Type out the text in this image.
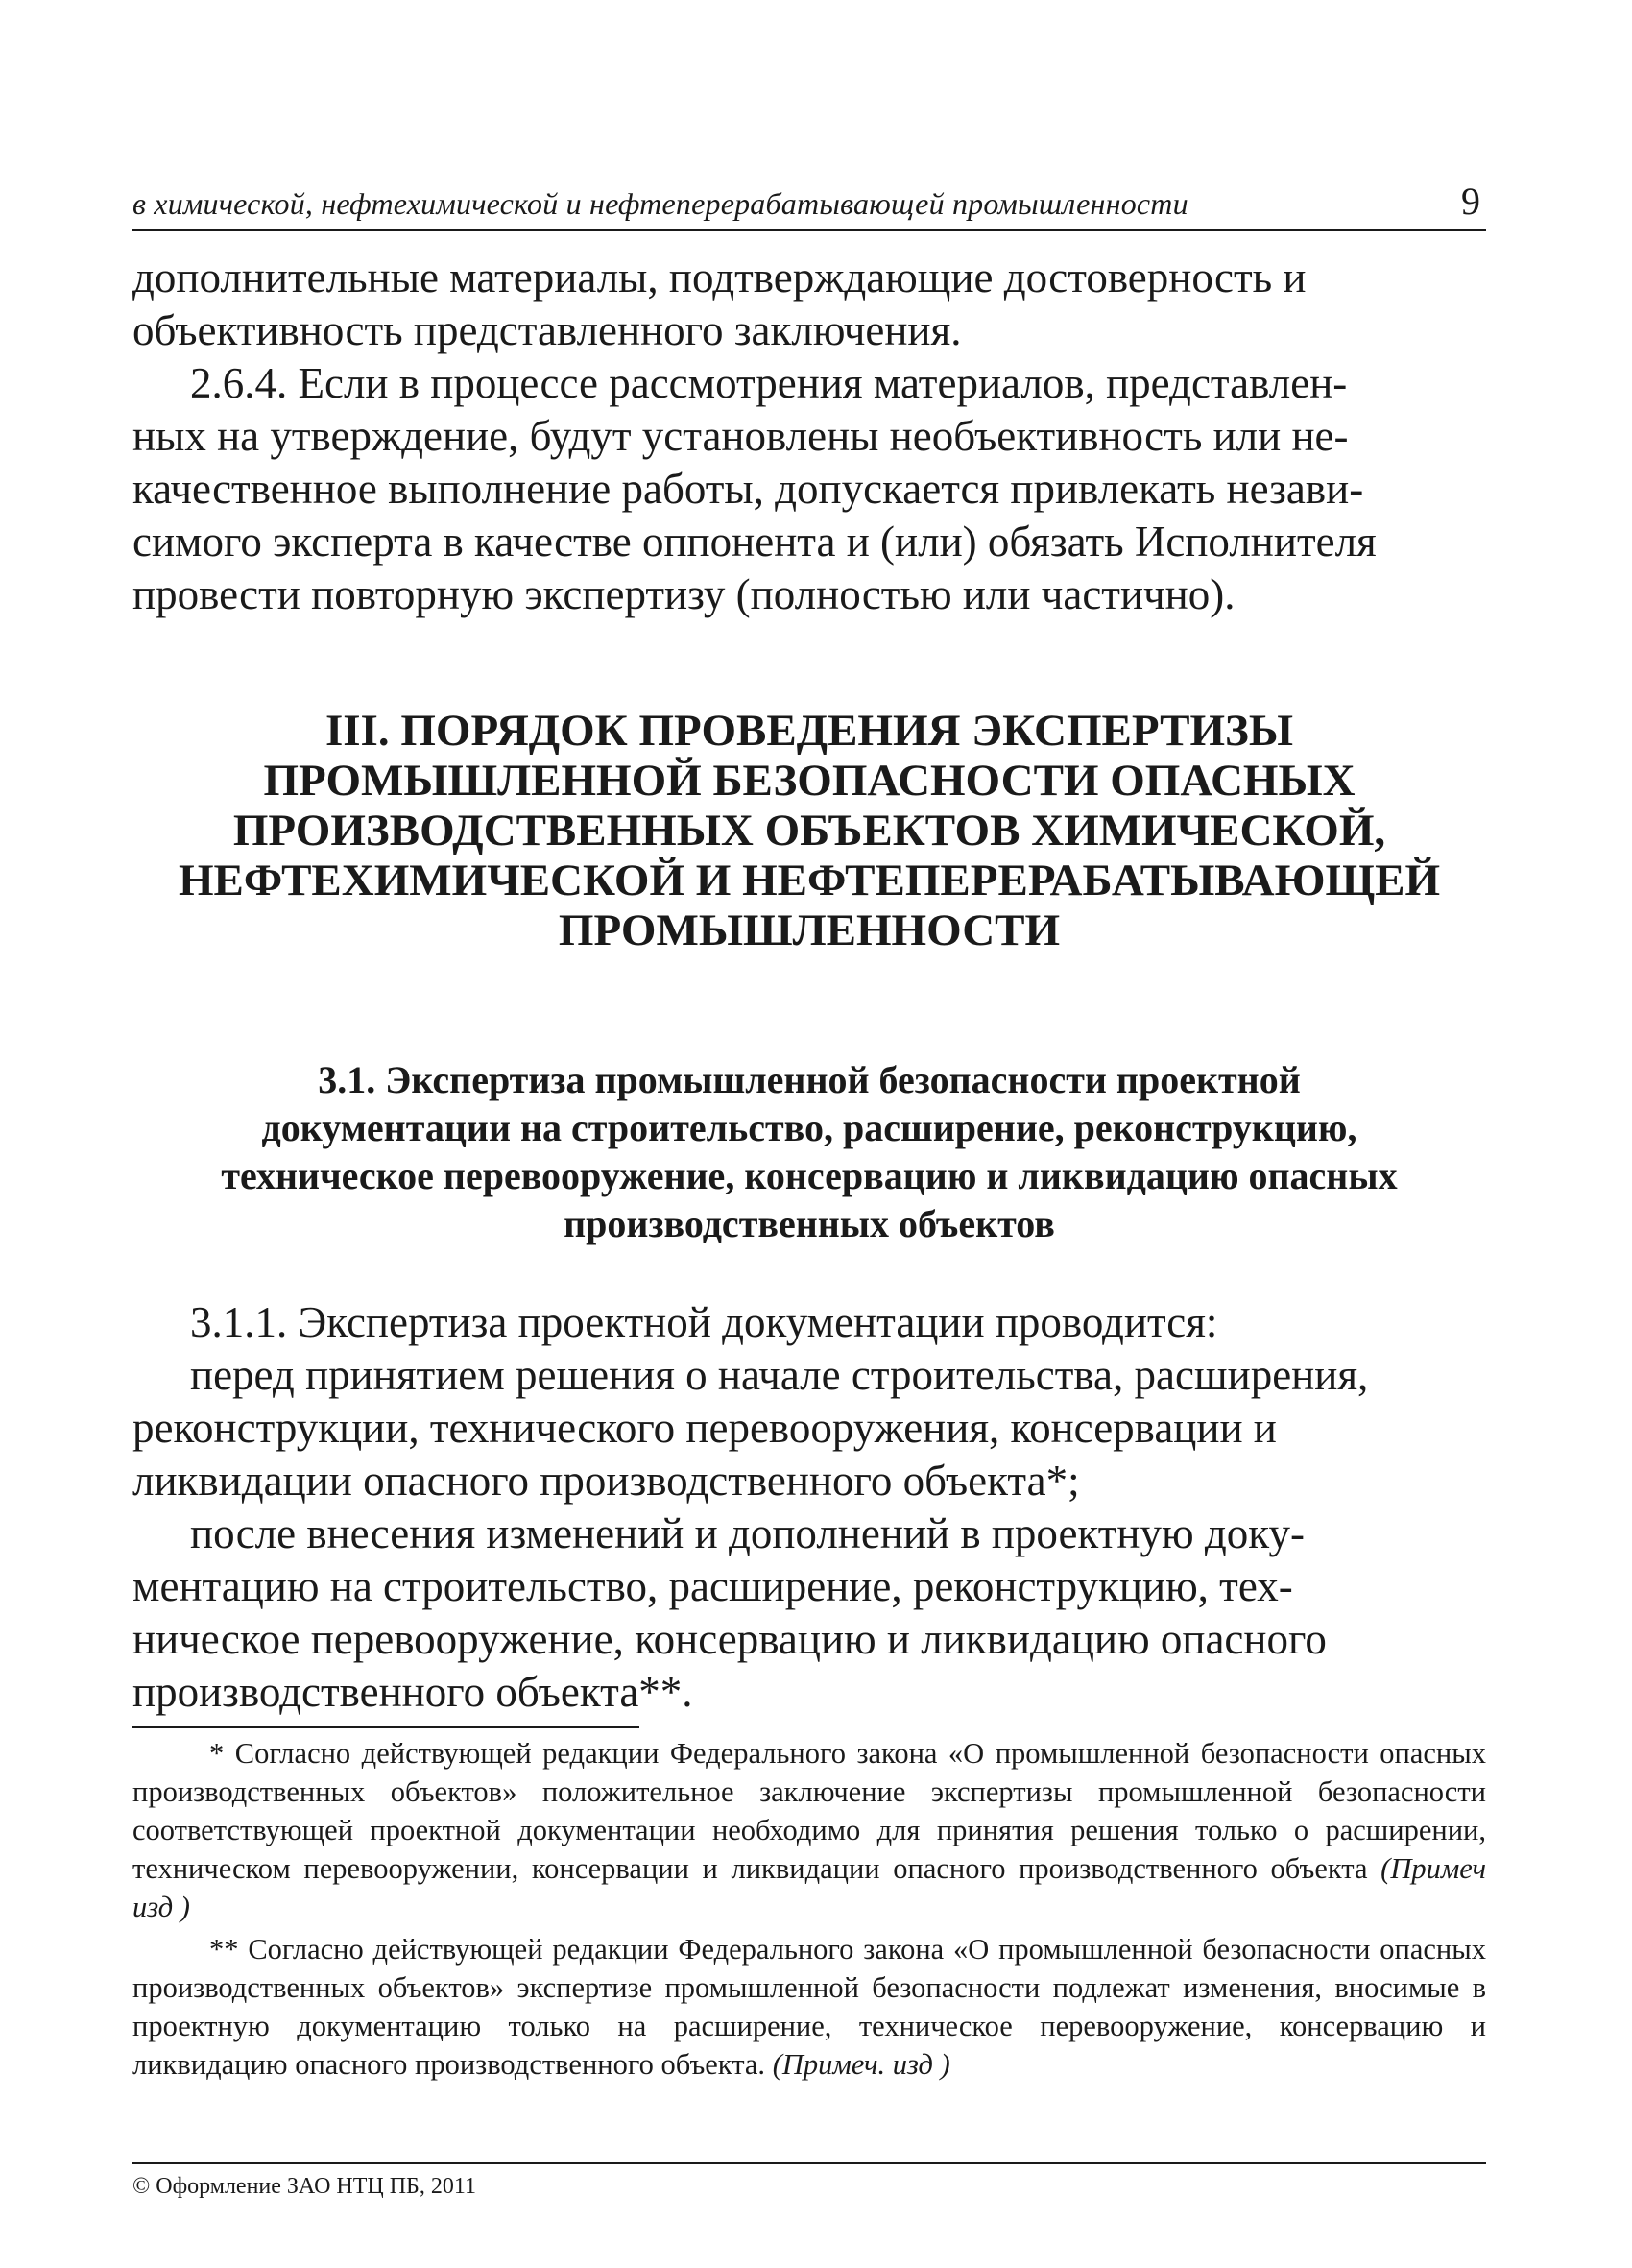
в химической, нефтехимической и нефтеперерабатывающей промышленности	9

дополнительные материалы, подтверждающие достоверность и

объективность представленного заключения.

2.6.4. Если в процессе рассмотрения материалов, представлен-

ных на утверждение, будут установлены необъективность или не-

качественное выполнение работы, допускается привлекать незави-

симого эксперта в качестве оппонента и (или) обязать Исполнителя

провести повторную экспертизу (полностью или частично).

III. ПОРЯДОК ПРОВЕДЕНИЯ ЭКСПЕРТИЗЫ
ПРОМЫШЛЕННОЙ БЕЗОПАСНОСТИ ОПАСНЫХ
ПРОИЗВОДСТВЕННЫХ ОБЪЕКТОВ ХИМИЧЕСКОЙ,
НЕФТЕХИМИЧЕСКОЙ И НЕФТЕПЕРЕРАБАТЫВАЮЩЕЙ
ПРОМЫШЛЕННОСТИ
3.1. Экспертиза промышленной безопасности проектной
документации на строительство, расширение, реконструкцию,
техническое перевооружение, консервацию и ликвидацию опасных
производственных объектов

3.1.1. Экспертиза проектной документации проводится:

перед принятием решения о начале строительства, расширения,

реконструкции, технического перевооружения, консервации и

ликвидации опасного производственного объекта*;

после внесения изменений и дополнений в проектную доку-

ментацию на строительство, расширение, реконструкцию, тех-

ническое перевооружение, консервацию и ликвидацию опасного

производственного объекта**.

* Согласно действующей редакции Федерального закона «О промышленной безопасности опасных производственных объектов» положительное заключение экспертизы промышленной безопасности соответствующей проектной документации необходимо для принятия решения только о расширении, техническом перевооружении, консервации и ликвидации опасного производственного объекта (Примеч изд )

** Согласно действующей редакции Федерального закона «О промышленной безопасности опасных производственных объектов» экспертизе промышленной безопасности подлежат изменения, вносимые в проектную документацию только на расширение, техническое перевооружение, консервацию и ликвидацию опасного производственного объекта. (Примеч. изд )

© Оформление ЗАО НТЦ ПБ, 2011
